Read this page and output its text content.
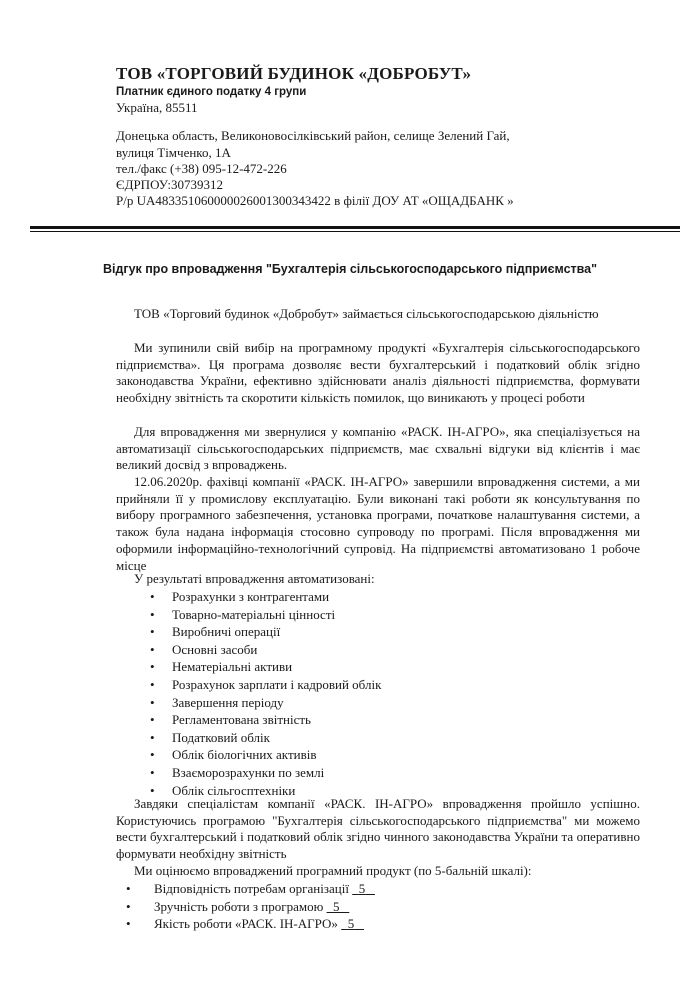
ТОВ «ТОРГОВИЙ БУДИНОК «ДОБРОБУТ»
Платник єдиного податку 4 групи
Україна, 85511
Донецька область, Великоновосілківський район, селище Зелений Гай,
вулиця Тімченко, 1А
тел./факс (+38) 095-12-472-226
ЄДРПОУ:30739312
Р/р UA483351060000026001300343422 в філії ДОУ АТ «ОЩАДБАНК »
Відгук про впровадження "Бухгалтерія сільськогосподарського підприємства"
ТОВ «Торговий будинок «Добробут» займається сільськогосподарською діяльністю
Ми зупинили свій вибір на програмному продукті «Бухгалтерія сільськогосподарського підприємства». Ця програма дозволяє вести бухгалтерський і податковий облік згідно законодавства України, ефективно здійснювати аналіз діяльності підприємства, формувати необхідну звітність та скоротити кількість помилок, що виникають у процесі роботи
Для впровадження ми звернулися у компанію «РАСК. ІН-АГРО», яка спеціалізується на автоматизації сільськогосподарських підприємств, має схвальні відгуки від клієнтів і має великий досвід з впроваджень.
12.06.2020р. фахівці компанії «РАСК. ІН-АГРО» завершили впровадження системи, а ми прийняли її у промислову експлуатацію. Були виконані такі роботи як консультування по вибору програмного забезпечення, установка програми, початкове налаштування системи, а також була надана інформація стосовно супроводу по програмі. Після впровадження ми оформили інформаційно-технологічний супровід. На підприємстві автоматизовано 1 робоче місце
У результаті впровадження автоматизовані:
• Розрахунки з контрагентами
• Товарно-матеріальні цінності
• Виробничі операції
• Основні засоби
• Нематеріальні активи
• Розрахунок зарплати і кадровий облік
• Завершення періоду
• Регламентована звітність
• Податковий облік
• Облік біологічних активів
• Взаєморозрахунки по землі
• Облік сільгосптехніки
Завдяки спеціалістам компанії «РАСК. ІН-АГРО» впровадження пройшло успішно. Користуючись програмою "Бухгалтерія сільськогосподарського підприємства" ми можемо вести бухгалтерський і податковий облік згідно чинного законодавства України та оперативно формувати необхідну звітність
Ми оцінюємо впроваджений програмний продукт (по 5-бальній шкалі):
• Відповідність потребам організації 5
• Зручність роботи з програмою 5
• Якість роботи «РАСК. ІН-АГРО» 5
